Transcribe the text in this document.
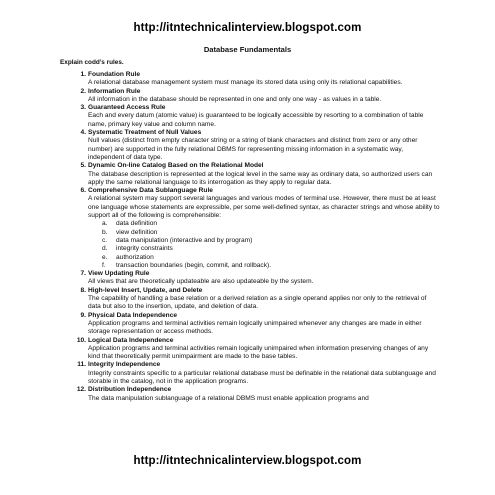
http://itntechnicalinterview.blogspot.com
Database Fundamentals
Explain codd’s rules.
1. Foundation Rule
A relational database management system must manage its stored data using only its relational capabilities.
2. Information Rule
All information in the database should be represented in one and only one way - as values in a table.
3. Guaranteed Access Rule
Each and every datum (atomic value) is guaranteed to be logically accessible by resorting to a combination of table name, primary key value and column name.
4. Systematic Treatment of Null Values
Null values (distinct from empty character string or a string of blank characters and distinct from zero or any other number) are supported in the fully relational DBMS for representing missing information in a systematic way, independent of data type.
5. Dynamic On-line Catalog Based on the Relational Model
The database description is represented at the logical level in the same way as ordinary data, so authorized users can apply the same relational language to its interrogation as they apply to regular data.
6. Comprehensive Data Sublanguage Rule
A relational system may support several languages and various modes of terminal use. However, there must be at least one language whose statements are expressible, per some well-defined syntax, as character strings and whose ability to support all of the following is comprehensible:
a. data definition
b. view definition
c. data manipulation (interactive and by program)
d. integrity constraints
e. authorization
f. transaction boundaries (begin, commit, and rollback).
7. View Updating Rule
All views that are theoretically updateable are also updateable by the system.
8. High-level Insert, Update, and Delete
The capability of handling a base relation or a derived relation as a single operand applies nor only to the retrieval of data but also to the insertion, update, and deletion of data.
9. Physical Data Independence
Application programs and terminal activities remain logically unimpaired whenever any changes are made in either storage representation or access methods.
10. Logical Data Independence
Application programs and terminal activities remain logically unimpaired when information preserving changes of any kind that theoretically permit unimpairment are made to the base tables.
11. Integrity Independence
Integrity constraints specific to a particular relational database must be definable in the relational data sublanguage and storable in the catalog, not in the application programs.
12. Distribution Independence
The data manipulation sublanguage of a relational DBMS must enable application programs and
http://itntechnicalinterview.blogspot.com
